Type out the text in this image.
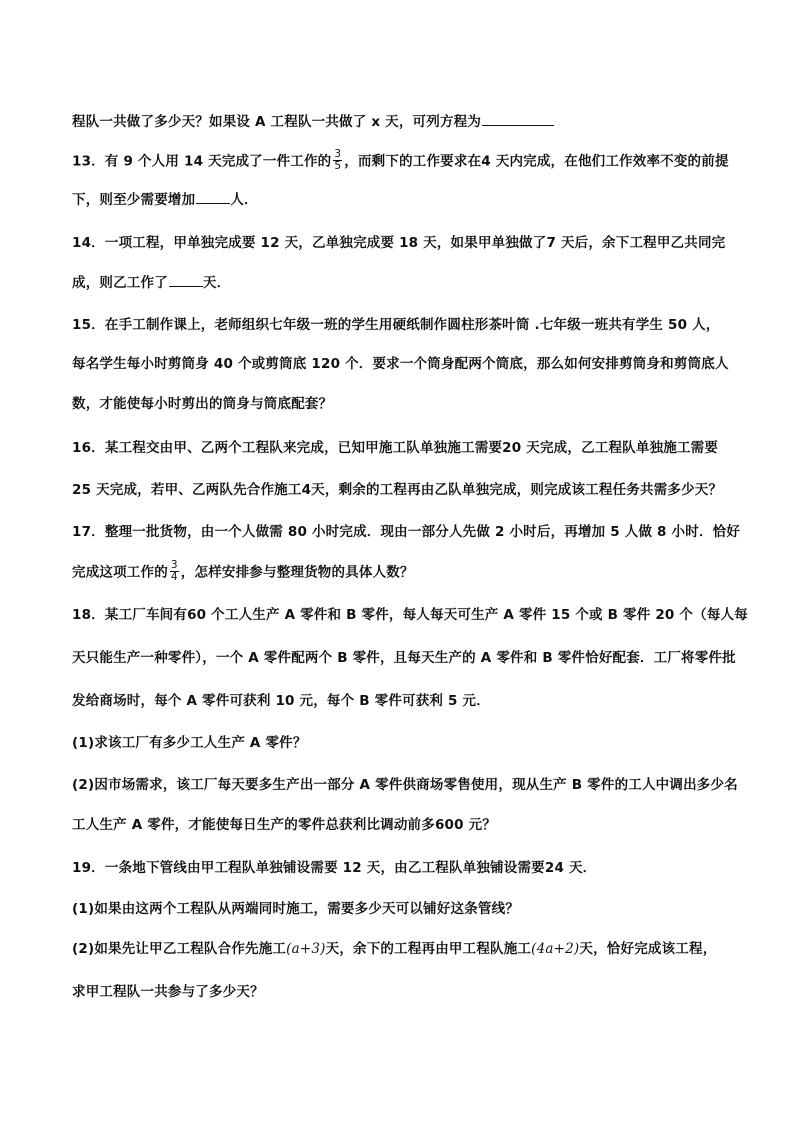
程队一共做了多少天？如果设 A 工程队一共做了 x 天，可列方程为
13．有 9 个人用 14 天完成了一件工作的 $\frac{3}{5}$ ，而剩下的工作要求在4 天内完成，在他们工作效率不变的前提
下，则至少需要增加	人．
14．一项工程，甲单独完成要 12 天，乙单独完成要 18 天，如果甲单独做了7 天后，余下工程甲乙共同完
成，则乙工作了	天．
15．在手工制作课上，老师组织七年级一班的学生用硬纸制作圆柱形茶叶筒 .七年级一班共有学生 50 人，
每名学生每小时剪筒身 40 个或剪筒底 120 个．要求一个筒身配两个筒底，那么如何安排剪筒身和剪筒底人
数，才能使每小时剪出的筒身与筒底配套？
16．某工程交由甲、乙两个工程队来完成，已知甲施工队单独施工需要20 天完成，乙工程队单独施工需要
25 天完成，若甲、乙两队先合作施工4天，剩余的工程再由乙队单独完成，则完成该工程任务共需多少天？
17．整理一批货物，由一个人做需 80 小时完成．现由一部分人先做 2 小时后，再增加 5 人做 8 小时．恰好
完成这项工作的 $\frac{3}{4}$ ，怎样安排参与整理货物的具体人数？
18．某工厂车间有60 个工人生产 A 零件和 B 零件，每人每天可生产 A 零件 15 个或 B 零件 20 个（每人每
天只能生产一种零件），一个 A 零件配两个 B 零件，且每天生产的 A 零件和 B 零件恰好配套．工厂将零件批
发给商场时，每个 A 零件可获利 10 元，每个 B 零件可获利 5 元．
(1)求该工厂有多少工人生产 A 零件？
(2)因市场需求，该工厂每天要多生产出一部分 A 零件供商场零售使用，现从生产 B 零件的工人中调出多少名
工人生产 A 零件，才能使每日生产的零件总获利比调动前多600 元？
19．一条地下管线由甲工程队单独铺设需要 12 天，由乙工程队单独铺设需要24 天．
(1)如果由这两个工程队从两端同时施工，需要多少天可以铺好这条管线？
(2)如果先让甲乙工程队合作先施工(a+3)天，余下的工程再由甲工程队施工(4a+2)天，恰好完成该工程，
求甲工程队一共参与了多少天？
